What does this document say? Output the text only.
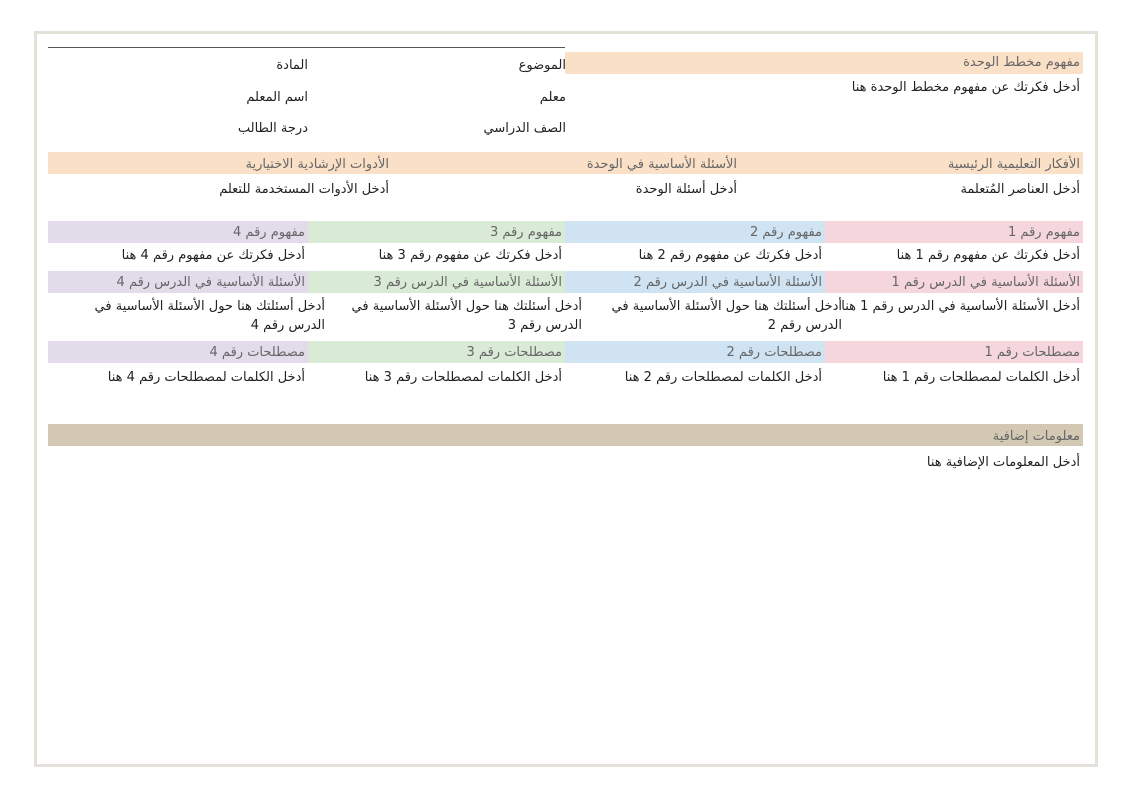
مفهوم مخطط الوحدة
أدخل فكرتك عن مفهوم مخطط الوحدة هنا
الموضوع
المادة
معلم
اسم المعلم
الصف الدراسي
درجة الطالب
الأفكار التعليمية الرئيسية
الأسئلة الأساسية في الوحدة
الأدوات الإرشادية الاختيارية
أدخل العناصر المُتعلمة
أدخل أسئلة الوحدة
أدخل الأدوات المستخدمة للتعلم
مفهوم رقم 1
مفهوم رقم 2
مفهوم رقم 3
مفهوم رقم 4
أدخل فكرتك عن مفهوم رقم 1 هنا
أدخل فكرتك عن مفهوم رقم 2 هنا
أدخل فكرتك عن مفهوم رقم 3 هنا
أدخل فكرتك عن مفهوم رقم 4 هنا
الأسئلة الأساسية في الدرس رقم 1
الأسئلة الأساسية في الدرس رقم 2
الأسئلة الأساسية في الدرس رقم 3
الأسئلة الأساسية في الدرس رقم 4
أدخل الأسئلة الأساسية في الدرس رقم 1 هنا
أدخل أسئلتك هنا حول الأسئلة الأساسية في الدرس رقم 2
أدخل أسئلتك هنا حول الأسئلة الأساسية في الدرس رقم 3
أدخل أسئلتك هنا حول الأسئلة الأساسية في الدرس رقم 4
مصطلحات رقم 1
مصطلحات رقم 2
مصطلحات رقم 3
مصطلحات رقم 4
أدخل الكلمات لمصطلحات رقم 1 هنا
أدخل الكلمات لمصطلحات رقم 2 هنا
أدخل الكلمات لمصطلحات رقم 3 هنا
أدخل الكلمات لمصطلحات رقم 4 هنا
معلومات إضافية
أدخل المعلومات الإضافية هنا
